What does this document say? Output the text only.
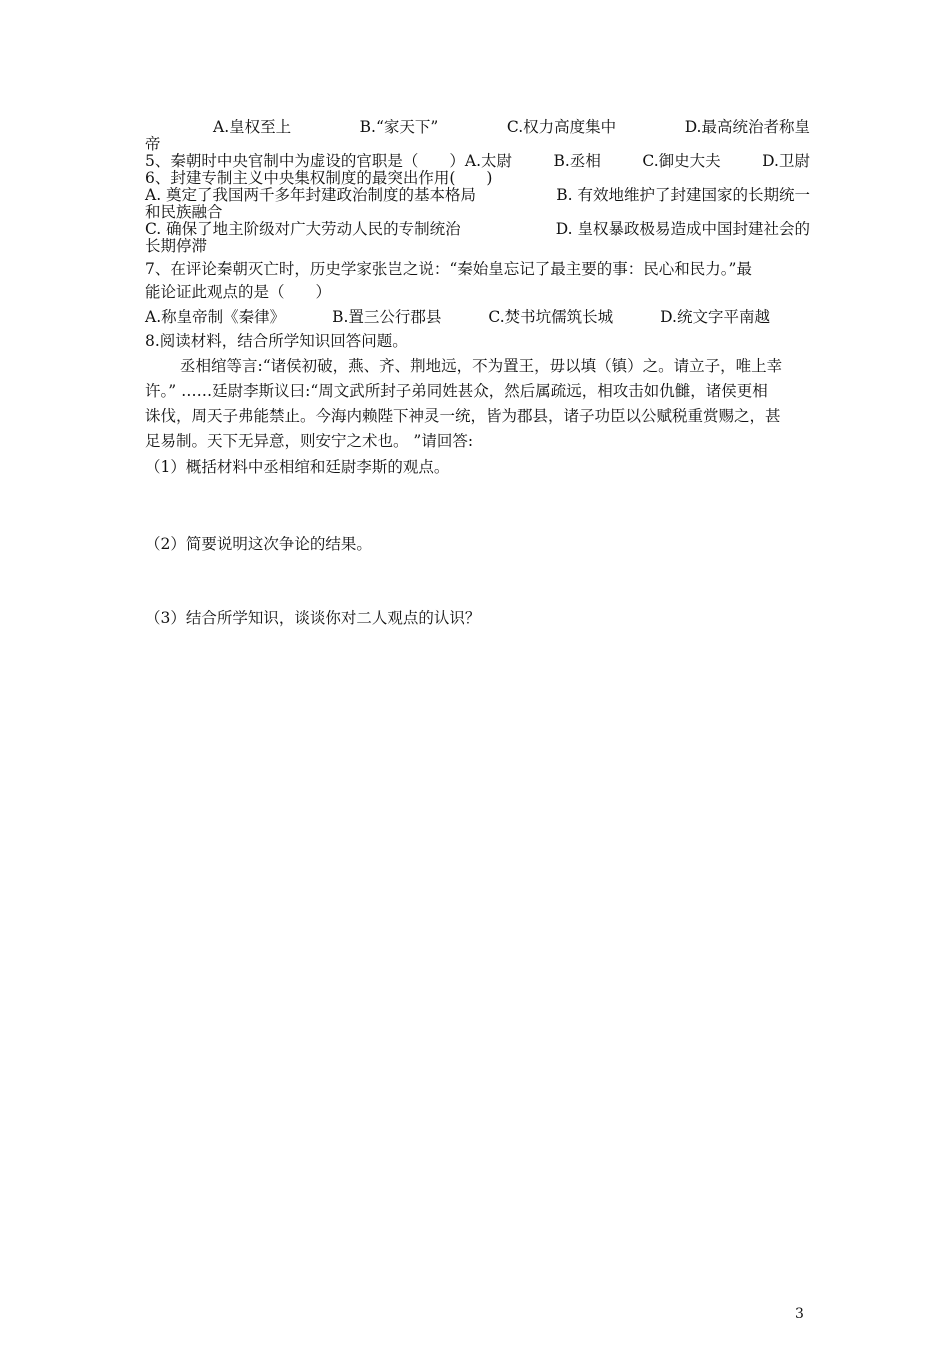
A.皇权至上	B.“家天下”	C.权力高度集中	D.最高统治者称皇
帝
5、秦朝时中央官制中为虚设的官职是（　　）A.太尉	B.丞相	C.御史大夫	D.卫尉
6、封建专制主义中央集权制度的最突出作用(　　)
A. 奠定了我国两千多年封建政治制度的基本格局	B. 有效地维护了封建国家的长期统一
和民族融合
C. 确保了地主阶级对广大劳动人民的专制统治	D. 皇权暴政极易造成中国封建社会的
长期停滞
7、在评论秦朝灭亡时，历史学家张岂之说：“秦始皇忘记了最主要的事：民心和民力。”最
能论证此观点的是（　　）
A.称皇帝制《秦律》	B.置三公行郡县	C.焚书坑儒筑长城	D.统文字平南越
8.阅读材料，结合所学知识回答问题。
丞相绾等言:“诸侯初破，燕、齐、荆地远，不为置王，毋以填（镇）之。请立子，唯上幸
许。” ……廷尉李斯议曰:“周文武所封子弟同姓甚众，然后属疏远，相攻击如仇雠，诸侯更相
诛伐，周天子弗能禁止。今海内赖陛下神灵一统，皆为郡县，诸子功臣以公赋税重赏赐之，甚
足易制。天下无异意，则安宁之术也。 ”请回答:
（1）概括材料中丞相绾和廷尉李斯的观点。
（2）简要说明这次争论的结果。
（3）结合所学知识，谈谈你对二人观点的认识？
3
